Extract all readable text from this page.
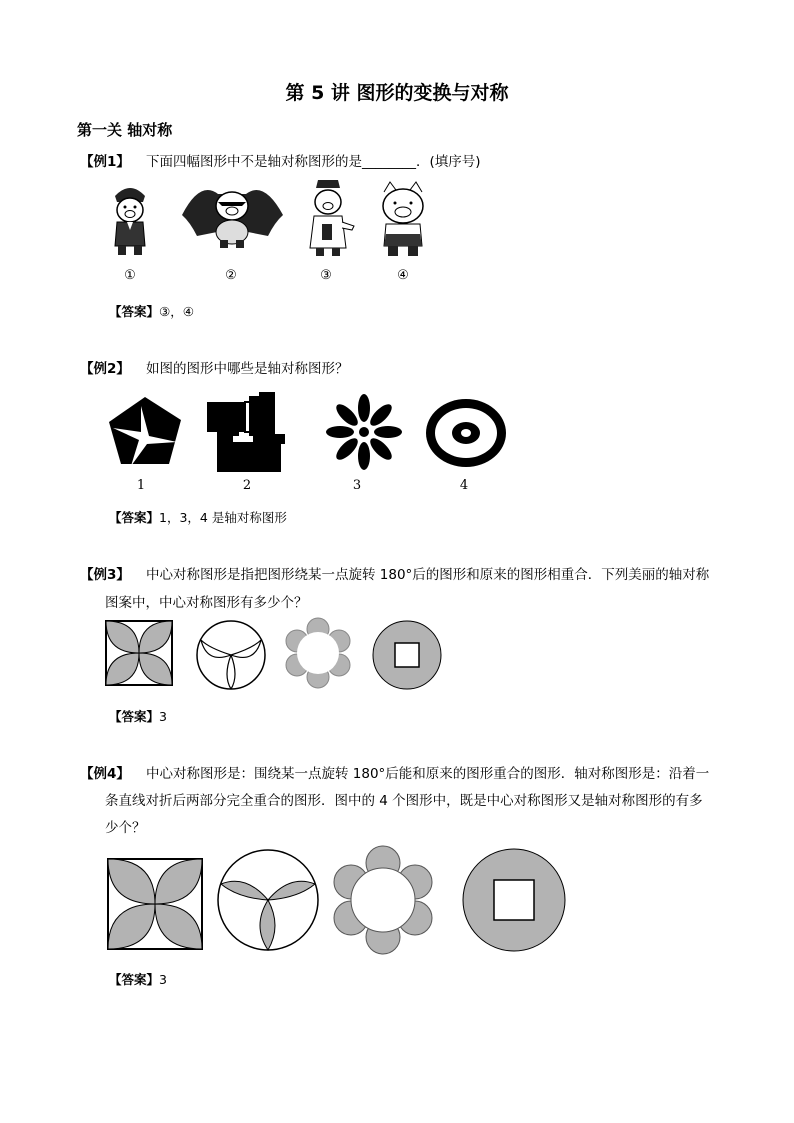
第 5 讲 图形的变换与对称
第一关 轴对称
【例1】 下面四幅图形中不是轴对称图形的是________．(填序号)
①	②	③	④
【答案】③，④
【例2】 如图的图形中哪些是轴对称图形？
1	2	3	4
【答案】1，3，4 是轴对称图形
【例3】 中心对称图形是指把图形绕某一点旋转 180°后的图形和原来的图形相重合．下列美丽的轴对称
图案中，中心对称图形有多少个？
【答案】3
【例4】 中心对称图形是：围绕某一点旋转 180°后能和原来的图形重合的图形．轴对称图形是：沿着一
条直线对折后两部分完全重合的图形．图中的 4 个图形中，既是中心对称图形又是轴对称图形的有多
少个？
【答案】3
